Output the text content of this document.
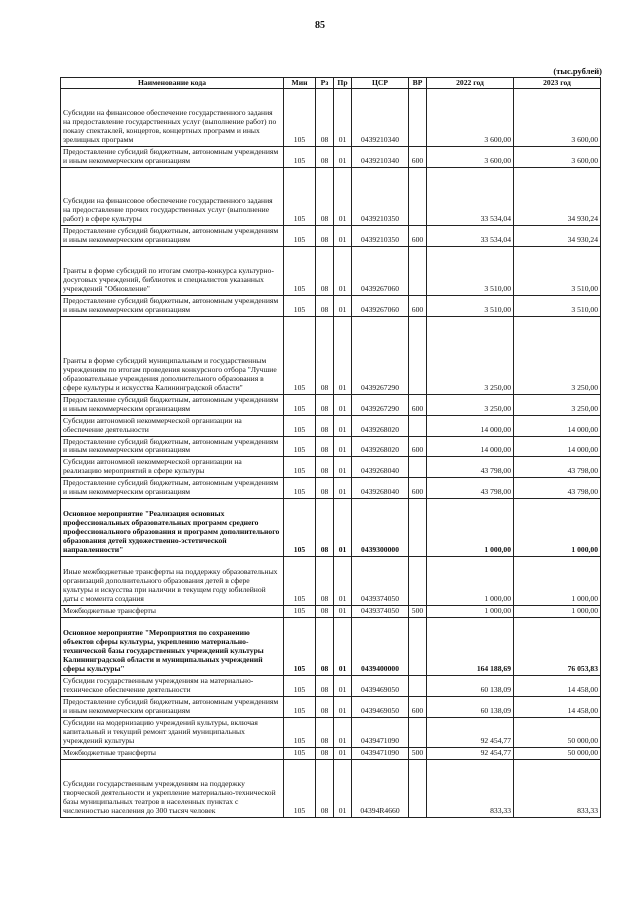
85
(тыс.рублей)
Наименование кода	Мин	Рз	Пр	ЦСР	ВР	2022 год	2023 год
Субсидии на финансовое обеспечение государственного задания на предоставление государственных услуг (выполнение работ) по показу спектаклей, концертов, концертных программ и иных зрелищных программ	105	08	01	0439210340		3 600,00	3 600,00
Предоставление субсидий бюджетным, автономным учреждениям и иным некоммерческим организациям	105	08	01	0439210340	600	3 600,00	3 600,00
Субсидии на финансовое обеспечение государственного задания на предоставление прочих государственных услуг (выполнение работ) в сфере культуры	105	08	01	0439210350		33 534,04	34 930,24
Предоставление субсидий бюджетным, автономным учреждениям и иным некоммерческим организациям	105	08	01	0439210350	600	33 534,04	34 930,24
Гранты в форме субсидий по итогам смотра-конкурса культурно-досуговых учреждений, библиотек и специалистов указанных учреждений "Обновление"	105	08	01	0439267060		3 510,00	3 510,00
Предоставление субсидий бюджетным, автономным учреждениям и иным некоммерческим организациям	105	08	01	0439267060	600	3 510,00	3 510,00
Гранты в форме субсидий муниципальным и государственным учреждениям по итогам проведения конкурсного отбора "Лучшие образовательные учреждения дополнительного образования в сфере культуры и искусства Калининградской области"	105	08	01	0439267290		3 250,00	3 250,00
Предоставление субсидий бюджетным, автономным учреждениям и иным некоммерческим организациям	105	08	01	0439267290	600	3 250,00	3 250,00
Субсидии автономной некоммерческой организации на обеспечение деятельности	105	08	01	0439268020		14 000,00	14 000,00
Предоставление субсидий бюджетным, автономным учреждениям и иным некоммерческим организациям	105	08	01	0439268020	600	14 000,00	14 000,00
Субсидии автономной некоммерческой организации на реализацию мероприятий в сфере культуры	105	08	01	0439268040		43 798,00	43 798,00
Предоставление субсидий бюджетным, автономным учреждениям и иным некоммерческим организациям	105	08	01	0439268040	600	43 798,00	43 798,00
Основное мероприятие "Реализация основных профессиональных образовательных программ среднего профессионального образования и программ дополнительного образования детей художественно-эстетической направленности"	105	08	01	0439300000		1 000,00	1 000,00
Иные межбюджетные трансферты на поддержку образовательных организаций дополнительного образования детей в сфере культуры и искусства при наличии в текущем году юбилейной даты с момента создания	105	08	01	0439374050		1 000,00	1 000,00
Межбюджетные трансферты	105	08	01	0439374050	500	1 000,00	1 000,00
Основное мероприятие "Мероприятия по сохранению объектов сферы культуры, укреплению материально-технической базы государственных учреждений культуры Калининградской области и муниципальных учреждений сферы культуры"	105	08	01	0439400000		164 188,69	76 053,83
Субсидии государственным учреждениям на материально-техническое обеспечение деятельности	105	08	01	0439469050		60 138,09	14 458,00
Предоставление субсидий бюджетным, автономным учреждениям и иным некоммерческим организациям	105	08	01	0439469050	600	60 138,09	14 458,00
Субсидии на модернизацию учреждений культуры, включая капитальный и текущий ремонт зданий муниципальных учреждений культуры	105	08	01	0439471090		92 454,77	50 000,00
Межбюджетные трансферты	105	08	01	0439471090	500	92 454,77	50 000,00
Субсидии государственным учреждениям на поддержку творческой деятельности и укрепление материально-технической базы муниципальных театров в населенных пунктах с численностью населения до 300 тысяч человек	105	08	01	04394R4660		833,33	833,33
